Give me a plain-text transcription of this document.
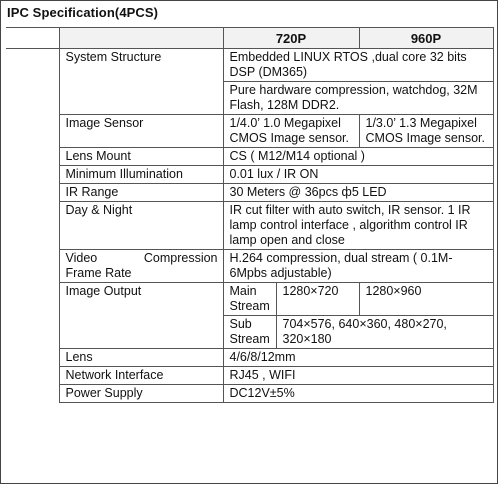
IPC Specification(4PCS)
		720P		960P
	System Structure	Embedded LINUX RTOS ,dual core 32 bits DSP (DM365)		
		Pure hardware compression, watchdog, 32M Flash, 128M DDR2.		
	Image Sensor	1/4.0’ 1.0 Megapixel CMOS Image sensor.		1/3.0’ 1.3 Megapixel CMOS Image sensor.
	Lens Mount	CS ( M12/M14 optional )		
	Minimum Illumination	0.01 lux / IR ON		
	IR Range	30 Meters @ 36pcs ф5 LED		
	Day & Night	IR cut filter with auto switch, IR sensor. 1 IR lamp control interface , algorithm control IR lamp open and close		

	Video Compression
Frame Rate	H.264 compression, dual stream ( 0.1M-6Mpbs adjustable)		
	Image Output	Main Stream	1280×720	1280×960
		Sub Stream	704×576, 640×360, 480×270, 320×180	
	Lens	4/6/8/12mm		
	Network Interface	RJ45 , WIFI		
	Power Supply	DC12V±5%		
